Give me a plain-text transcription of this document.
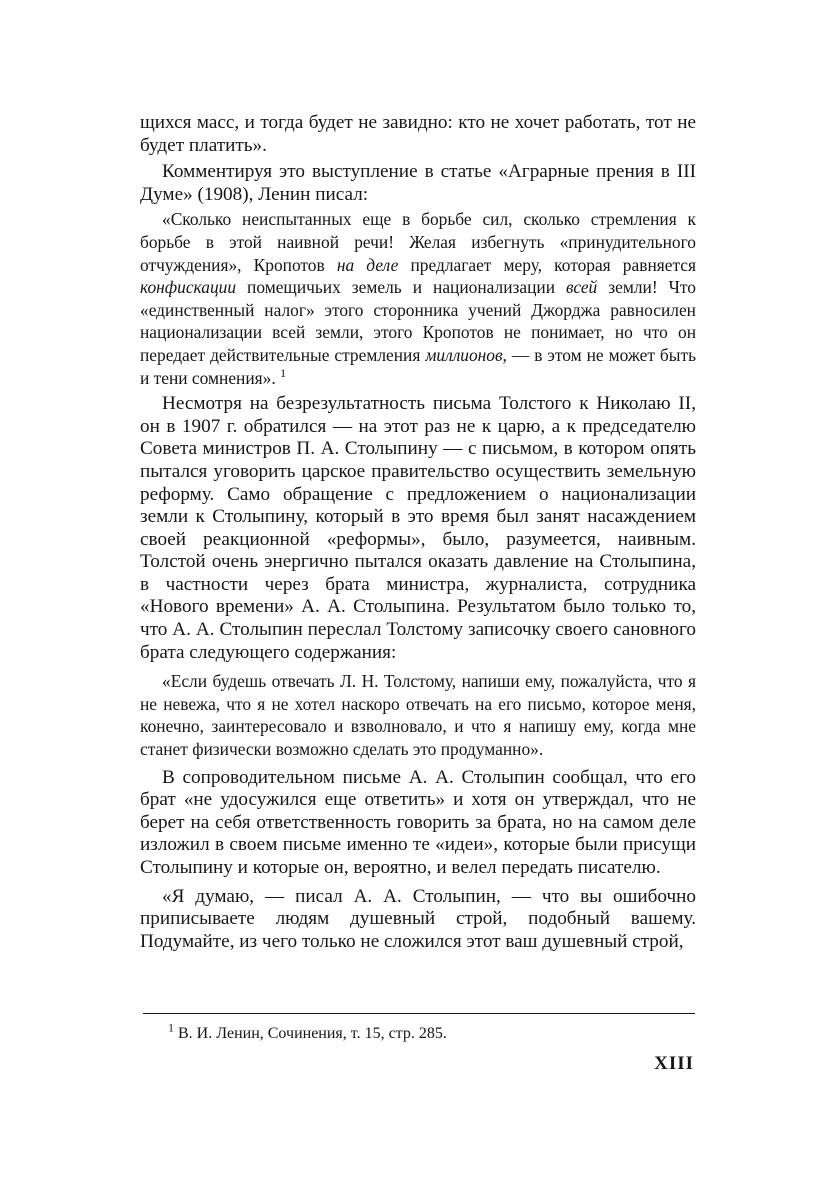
щихся масс, и тогда будет не завидно: кто не хочет работать, тот не будет платить».

Комментируя это выступление в статье «Аграрные прения в III Думе» (1908), Ленин писал:

«Сколько неиспытанных еще в борьбе сил, сколько стремления к борьбе в этой наивной речи! Желая избегнуть «принудительного отчуждения», Кропотов на деле предлагает меру, которая равняется конфискации помещичьих земель и национализации всей земли! Что «единственный налог» этого сторонника учений Джорджа равносилен национализации всей земли, этого Кропотов не понимает, но что он передает действительные стремления миллионов, — в этом не может быть и тени сомнения». $^1$

Несмотря на безрезультатность письма Толстого к Николаю II, он в 1907 г. обратился — на этот раз не к царю, а к председателю Совета министров П. А. Столыпину — с письмом, в котором опять пытался уговорить царское правительство осуществить земельную реформу. Само обращение с предложением о национализации земли к Столыпину, который в это время был занят насаждением своей реакционной «реформы», было, разумеется, наивным. Толстой очень энергично пытался оказать давление на Столыпина, в частности через брата министра, журналиста, сотрудника «Нового времени» А. А. Столыпина. Результатом было только то, что А. А. Столыпин переслал Толстому записочку своего сановного брата следующего содержания:

«Если будешь отвечать Л. Н. Толстому, напиши ему, пожалуйста, что я не невежа, что я не хотел наскоро отвечать на его письмо, которое меня, конечно, заинтересовало и взволновало, и что я напишу ему, когда мне станет физически возможно сделать это продуманно».

В сопроводительном письме А. А. Столыпин сообщал, что его брат «не удосужился еще ответить» и хотя он утверждал, что не берет на себя ответственность говорить за брата, но на самом деле изложил в своем письме именно те «идеи», которые были присущи Столыпину и которые он, вероятно, и велел передать писателю.

«Я думаю, — писал А. А. Столыпин, — что вы ошибочно приписываете людям душевный строй, подобный вашему. Подумайте, из чего только не сложился этот ваш душевный строй,

$^1$ В. И. Ленин, Сочинения, т. 15, стр. 285.

XIII
